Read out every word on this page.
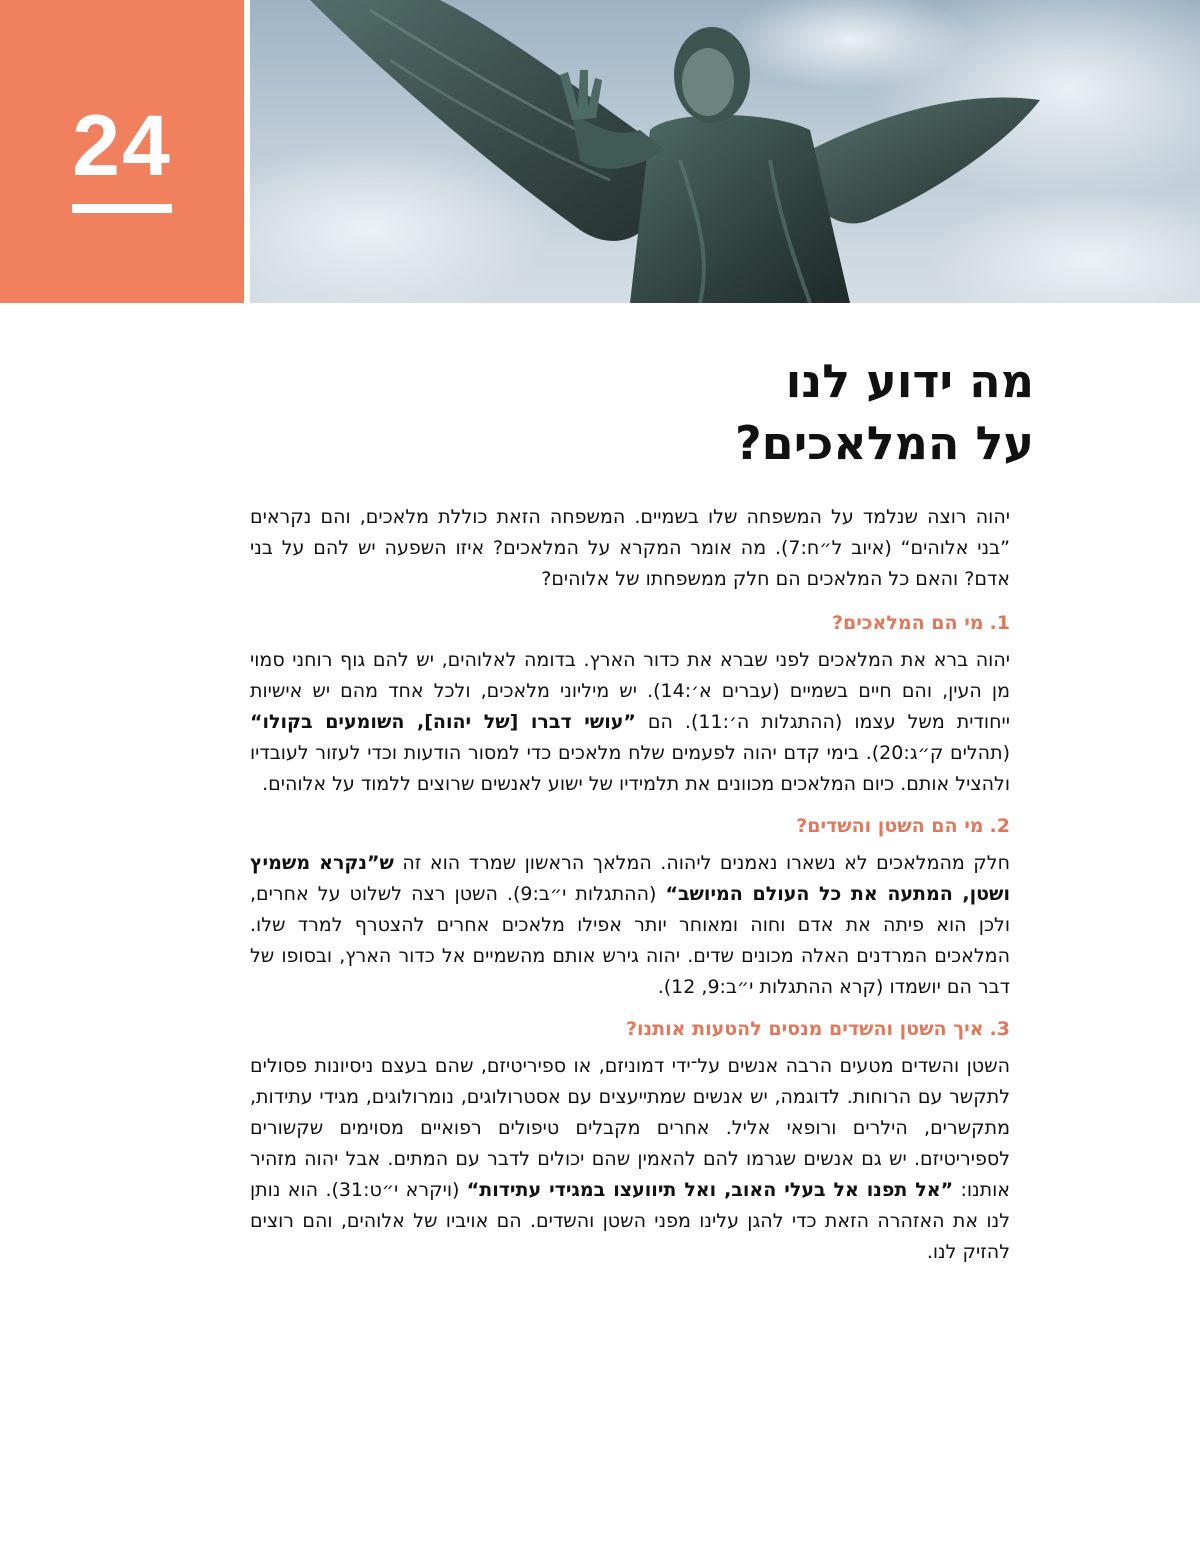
24
מה ידוע לנו
על המלאכים?

יהוה רוצה שנלמד על המשפחה שלו בשמיים. המשפחה הזאת כוללת מלאכים, והם נקראים ”בני אלוהים“ (איוב ל״ח:7). מה אומר המקרא על המלאכים? איזו השפעה יש להם על בני אדם? והאם כל המלאכים הם חלק ממשפחתו של אלוהים?

1.מי הם המלאכים?

יהוה ברא את המלאכים לפני שברא את כדור הארץ. בדומה לאלוהים, יש להם גוף רוחני סמוי מן העין, והם חיים בשמיים (עברים א׳:14). יש מיליוני מלאכים, ולכל אחד מהם יש אישיות ייחודית משל עצמו (ההתגלות ה׳:11). הם ”עושי דברו [של יהוה], השומעים בקולו“ (תהלים ק״ג:20). בימי קדם יהוה לפעמים שלח מלאכים כדי למסור הודעות וכדי לעזור לעובדיו ולהציל אותם. כיום המלאכים מכוונים את תלמידיו של ישוע לאנשים שרוצים ללמוד על אלוהים.

2.מי הם השטן והשדים?

חלק מהמלאכים לא נשארו נאמנים ליהוה. המלאך הראשון שמרד הוא זה ש”נקרא משמיץ ושטן, המתעה את כל העולם המיושב“ (ההתגלות י״ב:9). השטן רצה לשלוט על אחרים, ולכן הוא פיתה את אדם וחוה ומאוחר יותר אפילו מלאכים אחרים להצטרף למרד שלו. המלאכים המרדנים האלה מכונים שדים. יהוה גירש אותם מהשמיים אל כדור הארץ, ובסופו של דבר הם יושמדו (קרא ההתגלות י״ב:9, 12).

3.איך השטן והשדים מנסים להטעות אותנו?

השטן והשדים מטעים הרבה אנשים על־ידי דמוניזם, או ספיריטיזם, שהם בעצם ניסיונות פסולים לתקשר עם הרוחות. לדוגמה, יש אנשים שמתייעצים עם אסטרולוגים, נומרולוגים, מגידי עתידות, מתקשרים, הילרים ורופאי אליל. אחרים מקבלים טיפולים רפואיים מסוימים שקשורים לספיריטיזם. יש גם אנשים שגרמו להם להאמין שהם יכולים לדבר עם המתים. אבל יהוה מזהיר אותנו: ”אל תפנו אל בעלי האוב, ואל תיוועצו במגידי עתידות“ (ויקרא י״ט:31). הוא נותן לנו את האזהרה הזאת כדי להגן עלינו מפני השטן והשדים. הם אויביו של אלוהים, והם רוצים להזיק לנו.
